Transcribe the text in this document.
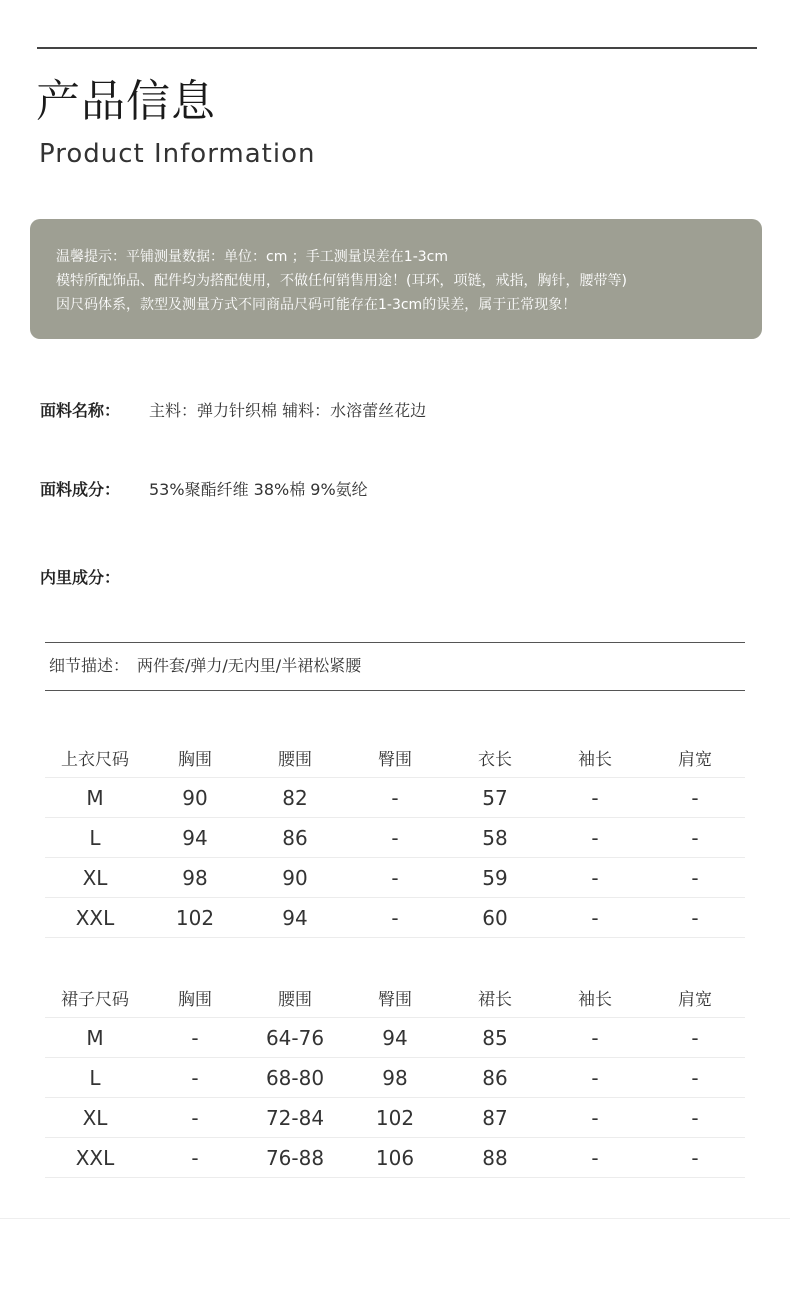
产品信息
Product Information
温馨提示：平铺测量数据：单位：cm ；手工测量误差在1-3cm
模特所配饰品、配件均为搭配使用，不做任何销售用途！(耳环，项链，戒指，胸针，腰带等)
因尺码体系，款型及测量方式不同商品尺码可能存在1-3cm的误差，属于正常现象！
面料名称： 主料：弹力针织棉 辅料：水溶蕾丝花边
面料成分： 53%聚酯纤维 38%棉 9%氨纶
内里成分：
细节描述： 两件套/弹力/无内里/半裙松紧腰
上衣尺码	胸围	腰围	臀围	衣长	袖长	肩宽
M	90	82	-	57	-	-
L	94	86	-	58	-	-
XL	98	90	-	59	-	-
XXL	102	94	-	60	-	-
裙子尺码	胸围	腰围	臀围	裙长	袖长	肩宽
M	-	64-76	94	85	-	-
L	-	68-80	98	86	-	-
XL	-	72-84	102	87	-	-
XXL	-	76-88	106	88	-	-
